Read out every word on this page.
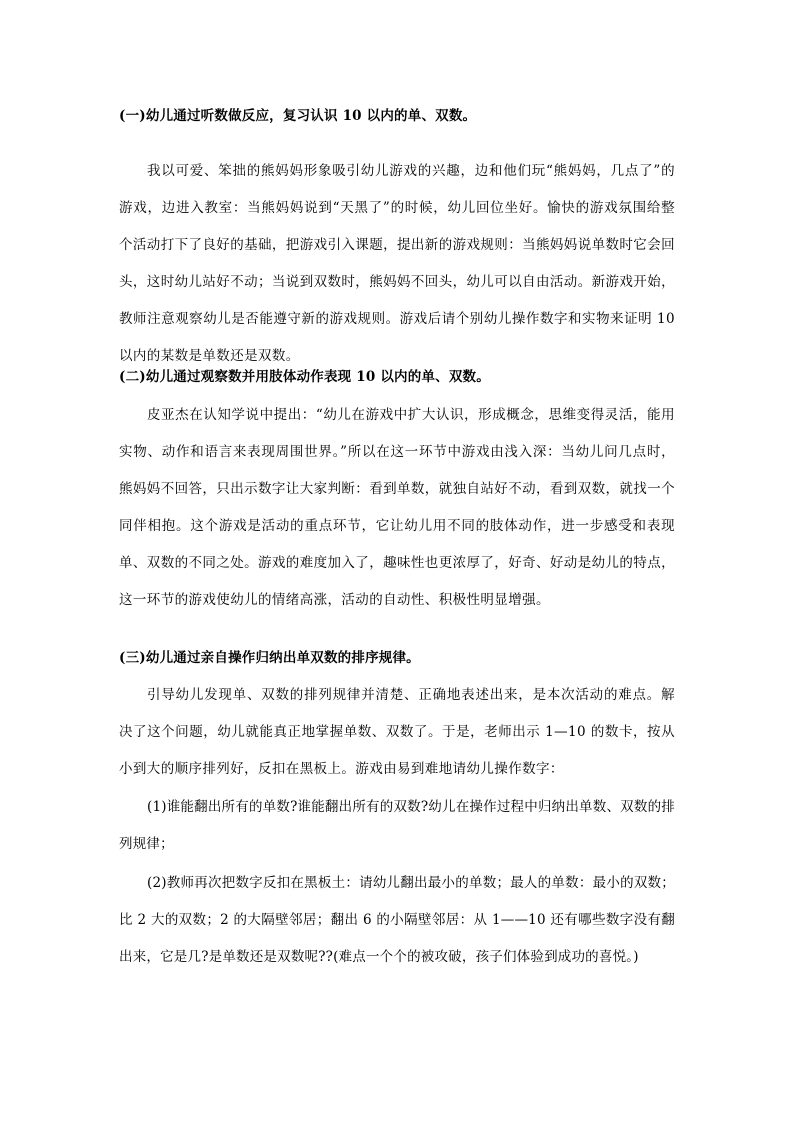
(一)幼儿通过听数做反应，复习认识 10 以内的单、双数。
我以可爱、笨拙的熊妈妈形象吸引幼儿游戏的兴趣，边和他们玩“熊妈妈，几点了”的游戏，边进入教室：当熊妈妈说到“天黑了”的时候，幼儿回位坐好。愉快的游戏氛围给整个活动打下了良好的基础，把游戏引入课题，提出新的游戏规则：当熊妈妈说单数时它会回头，这时幼儿站好不动；当说到双数时，熊妈妈不回头，幼儿可以自由活动。新游戏开始，教师注意观察幼儿是否能遵守新的游戏规则。游戏后请个别幼儿操作数字和实物来证明 10 以内的某数是单数还是双数。
(二)幼儿通过观察数并用肢体动作表现 10 以内的单、双数。
皮亚杰在认知学说中提出：“幼儿在游戏中扩大认识，形成概念，思维变得灵活，能用实物、动作和语言来表现周围世界。”所以在这一环节中游戏由浅入深：当幼儿问几点时，熊妈妈不回答，只出示数字让大家判断：看到单数，就独自站好不动，看到双数，就找一个同伴相抱。这个游戏是活动的重点环节，它让幼儿用不同的肢体动作，进一步感受和表现单、双数的不同之处。游戏的难度加入了，趣味性也更浓厚了，好奇、好动是幼儿的特点，这一环节的游戏使幼儿的情绪高涨，活动的自动性、积极性明显增强。
(三)幼儿通过亲自操作归纳出单双数的排序规律。
引导幼儿发现单、双数的排列规律并清楚、正确地表述出来，是本次活动的难点。解决了这个问题，幼儿就能真正地掌握单数、双数了。于是，老师出示 1—10 的数卡，按从小到大的顺序排列好，反扣在黑板上。游戏由易到难地请幼儿操作数字：
(1)谁能翻出所有的单数?谁能翻出所有的双数?幼儿在操作过程中归纳出单数、双数的排列规律；
(2)教师再次把数字反扣在黑板土：请幼儿翻出最小的单数；最人的单数：最小的双数；比 2 大的双数；2 的大隔壁邻居；翻出 6 的小隔壁邻居：从 1——10 还有哪些数字没有翻出来，它是几?是单数还是双数呢??(难点一个个的被攻破，孩子们体验到成功的喜悦。)
